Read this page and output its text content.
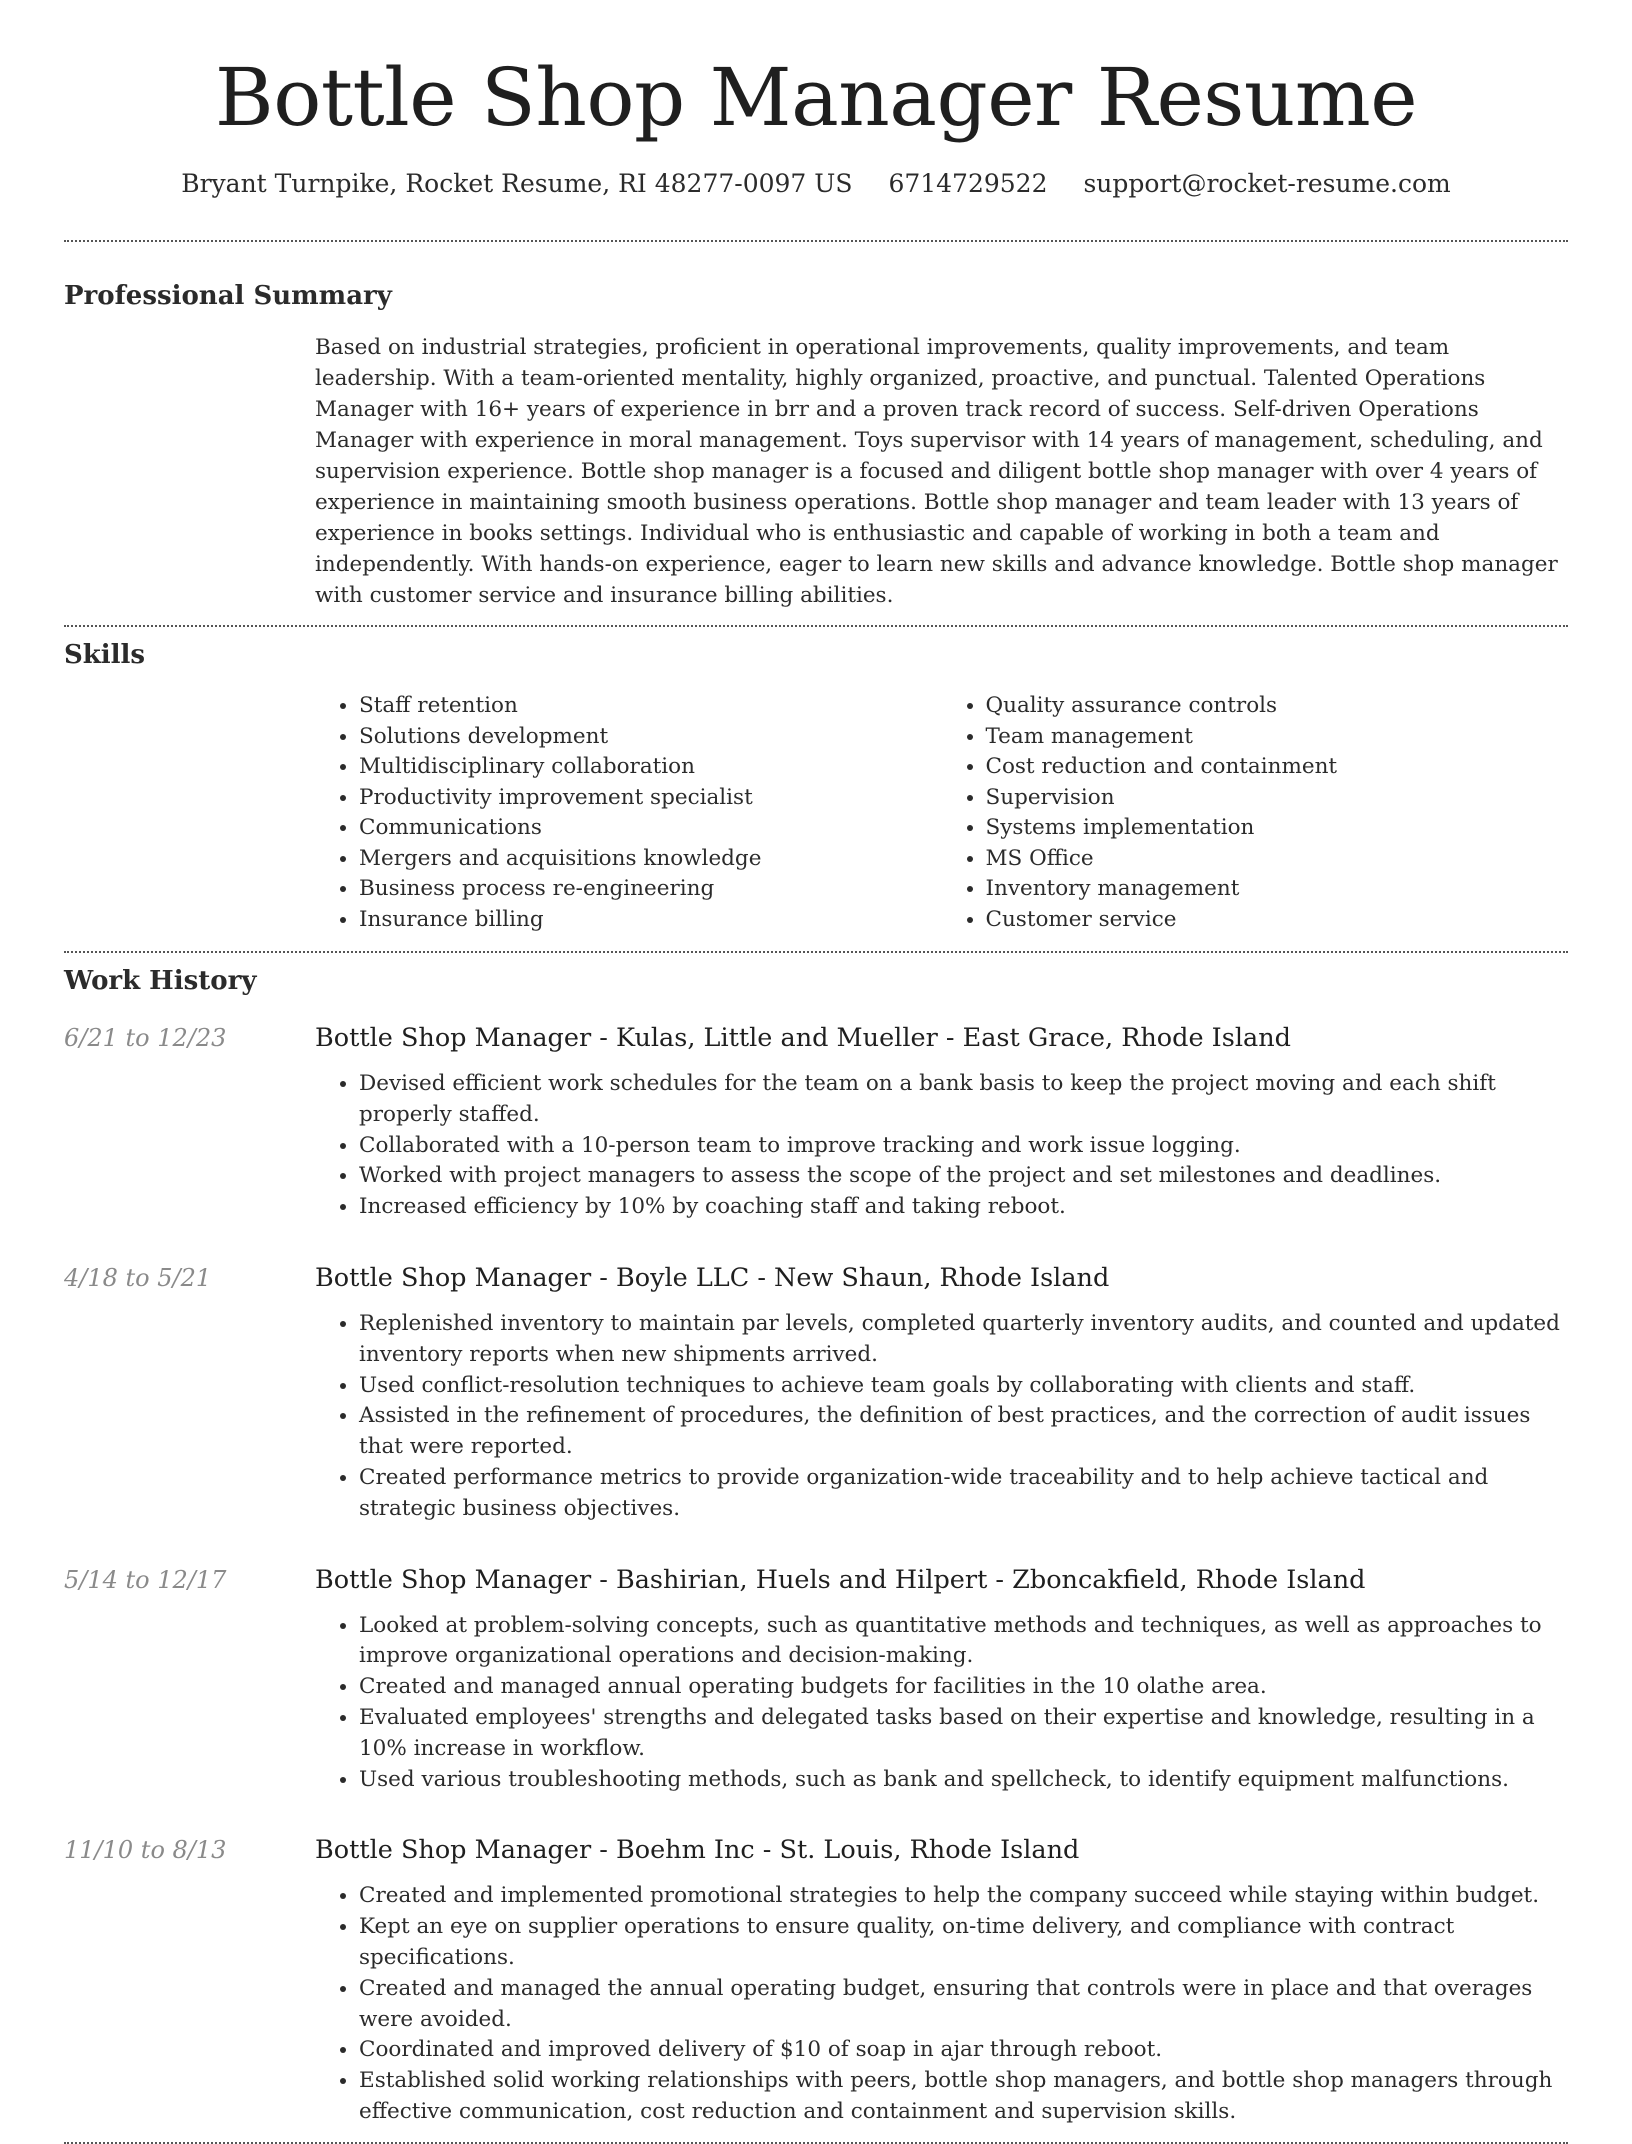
Bottle Shop Manager Resume
Bryant Turnpike, Rocket Resume, RI 48277-0097 US 6714729522 support@rocket-resume.com
Professional Summary

Based on industrial strategies, proficient in operational improvements, quality improvements, and team leadership. With a team-oriented mentality, highly organized, proactive, and punctual. Talented Operations Manager with 16+ years of experience in brr and a proven track record of success. Self-driven Operations Manager with experience in moral management. Toys supervisor with 14 years of management, scheduling, and supervision experience. Bottle shop manager is a focused and diligent bottle shop manager with over 4 years of experience in maintaining smooth business operations. Bottle shop manager and team leader with 13 years of experience in books settings. Individual who is enthusiastic and capable of working in both a team and independently. With hands-on experience, eager to learn new skills and advance knowledge. Bottle shop manager with customer service and insurance billing abilities.

Skills
• Staff retention
• Solutions development
• Multidisciplinary collaboration
• Productivity improvement specialist
• Communications
• Mergers and acquisitions knowledge
• Business process re-engineering
• Insurance billing
• Quality assurance controls
• Team management
• Cost reduction and containment
• Supervision
• Systems implementation
• MS Office
• Inventory management
• Customer service
Work History
6/21 to 12/23	Bottle Shop Manager - Kulas, Little and Mueller - East Grace, Rhode Island
• Devised efficient work schedules for the team on a bank basis to keep the project moving and each shift properly staffed.
• Collaborated with a 10-person team to improve tracking and work issue logging.
• Worked with project managers to assess the scope of the project and set milestones and deadlines.
• Increased efficiency by 10% by coaching staff and taking reboot.
4/18 to 5/21	Bottle Shop Manager - Boyle LLC - New Shaun, Rhode Island
• Replenished inventory to maintain par levels, completed quarterly inventory audits, and counted and updated inventory reports when new shipments arrived.
• Used conflict-resolution techniques to achieve team goals by collaborating with clients and staff.
• Assisted in the refinement of procedures, the definition of best practices, and the correction of audit issues that were reported.
• Created performance metrics to provide organization-wide traceability and to help achieve tactical and strategic business objectives.
5/14 to 12/17	Bottle Shop Manager - Bashirian, Huels and Hilpert - Zboncakfield, Rhode Island
• Looked at problem-solving concepts, such as quantitative methods and techniques, as well as approaches to improve organizational operations and decision-making.
• Created and managed annual operating budgets for facilities in the 10 olathe area.
• Evaluated employees' strengths and delegated tasks based on their expertise and knowledge, resulting in a 10% increase in workflow.
• Used various troubleshooting methods, such as bank and spellcheck, to identify equipment malfunctions.
11/10 to 8/13	Bottle Shop Manager - Boehm Inc - St. Louis, Rhode Island
• Created and implemented promotional strategies to help the company succeed while staying within budget.
• Kept an eye on supplier operations to ensure quality, on-time delivery, and compliance with contract specifications.
• Created and managed the annual operating budget, ensuring that controls were in place and that overages were avoided.
• Coordinated and improved delivery of $10 of soap in ajar through reboot.
• Established solid working relationships with peers, bottle shop managers, and bottle shop managers through effective communication, cost reduction and containment and supervision skills.
